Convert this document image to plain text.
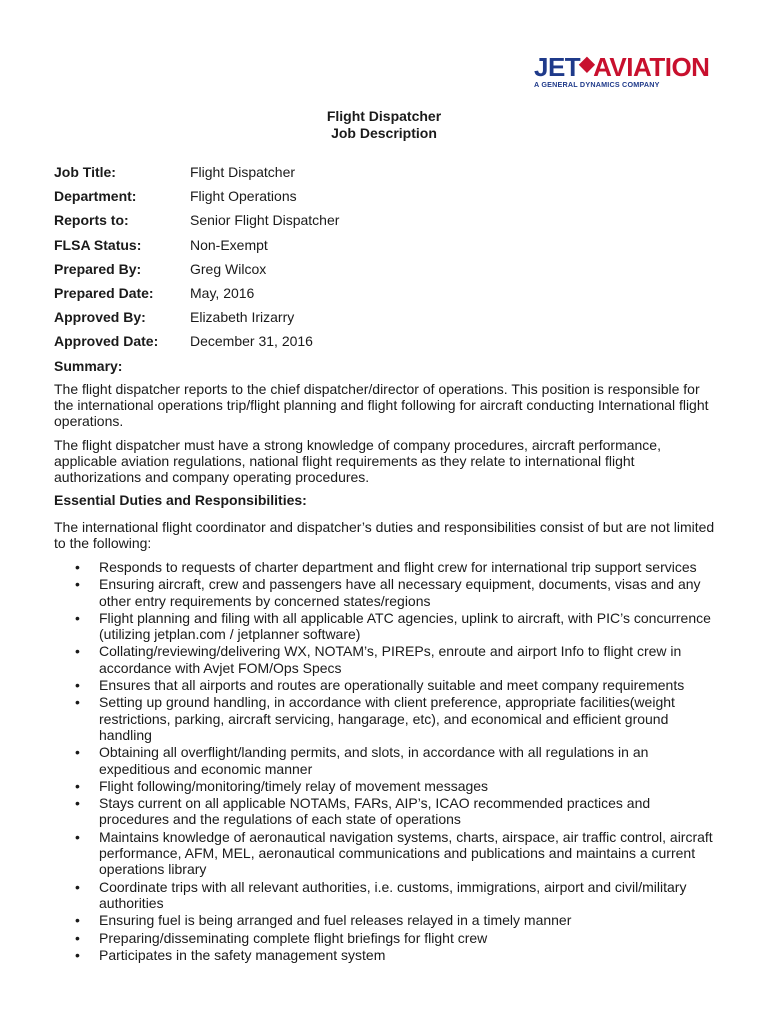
JET◆AVIATION
A GENERAL DYNAMICS COMPANY
Flight Dispatcher
Job Description
Job Title:	Flight Dispatcher
Department:	Flight Operations
Reports to:	Senior Flight Dispatcher
FLSA Status:	Non-Exempt
Prepared By:	Greg Wilcox
Prepared Date:	May, 2016
Approved By:	Elizabeth Irizarry
Approved Date:	December 31, 2016
Summary:
The flight dispatcher reports to the chief dispatcher/director of operations. This position is responsible for the international operations trip/flight planning and flight following for aircraft conducting International flight operations.
The flight dispatcher must have a strong knowledge of company procedures, aircraft performance, applicable aviation regulations, national flight requirements as they relate to international flight authorizations and company operating procedures.
Essential Duties and Responsibilities:
The international flight coordinator and dispatcher’s duties and responsibilities consist of but are not limited to the following:
• Responds to requests of charter department and flight crew for international trip support services
• Ensuring aircraft, crew and passengers have all necessary equipment, documents, visas and any other entry requirements by concerned states/regions
• Flight planning and filing with all applicable ATC agencies, uplink to aircraft, with PIC’s concurrence (utilizing jetplan.com / jetplanner software)
• Collating/reviewing/delivering WX, NOTAM’s, PIREPs, enroute and airport Info to flight crew in accordance with Avjet FOM/Ops Specs
• Ensures that all airports and routes are operationally suitable and meet company requirements
• Setting up ground handling, in accordance with client preference, appropriate facilities(weight restrictions, parking, aircraft servicing, hangarage, etc), and economical and efficient ground handling
• Obtaining all overflight/landing permits, and slots, in accordance with all regulations in an expeditious and economic manner
• Flight following/monitoring/timely relay of movement messages
• Stays current on all applicable NOTAMs, FARs, AIP’s, ICAO recommended practices and procedures and the regulations of each state of operations
• Maintains knowledge of aeronautical navigation systems, charts, airspace, air traffic control, aircraft performance, AFM, MEL, aeronautical communications and publications and maintains a current operations library
• Coordinate trips with all relevant authorities, i.e. customs, immigrations, airport and civil/military authorities
• Ensuring fuel is being arranged and fuel releases relayed in a timely manner
• Preparing/disseminating complete flight briefings for flight crew
• Participates in the safety management system
